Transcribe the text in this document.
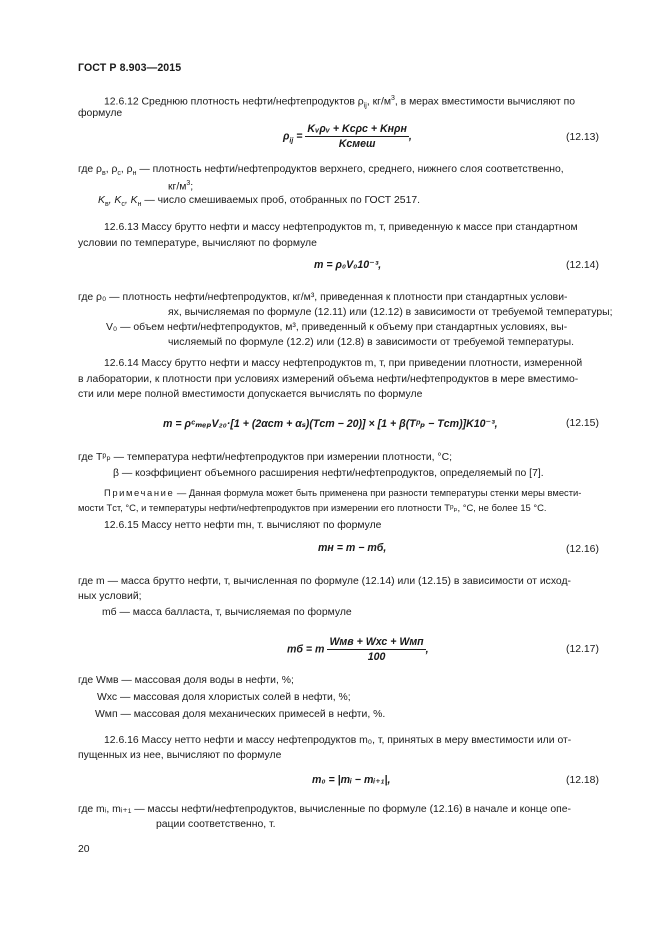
ГОСТ Р 8.903—2015
12.6.12 Среднюю плотность нефти/нефтепродуктов $\rho_{ij}$, $кг/м^3$, в мерах вместимости вычисляют по
формуле
$\rho_{ij} = \frac{\text{Kᵥρᵥ + Kсρс + Kнρн}}{\text{Kсмеш}}$ ,	(12.13)
где $\rho_в$, $\rho_с$, $\rho_н$ — плотность нефти/нефтепродуктов верхнего, среднего, нижнего слоя соответственно,
$кг/м^3$;
$K_в$, $K_с$, $K_н$ — число смешиваемых проб, отобранных по ГОСТ 2517.
12.6.13 Массу брутто нефти и массу нефтепродуктов m, т, приведенную к массе при стандартном
условии по температуре, вычисляют по формуле
m = ρ₀V₀10⁻³,	(12.14)
где ρ₀ — плотность нефти/нефтепродуктов, кг/м³, приведенная к плотности при стандартных услови-
ях, вычисляемая по формуле (12.11) или (12.12) в зависимости от требуемой температуры;
V₀ — объем нефти/нефтепродуктов, м³, приведенный к объему при стандартных условиях, вы-
числяемый по формуле (12.2) или (12.8) в зависимости от требуемой температуры.
12.6.14 Массу брутто нефти и массу нефтепродуктов m, т, при приведении плотности, измеренной
в лаборатории, к плотности при условиях измерений объема нефти/нефтепродуктов в мере вместимо-
сти или мере полной вместимости допускается вычислять по формуле
m = ρᶜₘₑₚV₂₀·[1 + (2αст + αₛ)(Tст − 20)] × [1 + β(Tᵖₚ − Tст)]K10⁻³,	(12.15)
где Tᵖₚ — температура нефти/нефтепродуктов при измерении плотности, °С;
β — коэффициент объемного расширения нефти/нефтепродуктов, определяемый по [7].
Примечание — Данная формула может быть применена при разности температуры стенки меры вмести-
мости Tст, °С, и температуры нефти/нефтепродуктов при измерении его плотности Tᵖₚ, °С, не более 15 °С.
12.6.15 Массу нетто нефти mн, т. вычисляют по формуле
mн = m − mб,	(12.16)
где m — масса брутто нефти, т, вычисленная по формуле (12.14) или (12.15) в зависимости от исход-
ных условий;
mб — масса балласта, т, вычисляемая по формуле
mб = m $\frac{\text{Wмв + Wхс + Wмп}}{100}$ ,	(12.17)
где Wмв — массовая доля воды в нефти, %;
Wхс — массовая доля хлористых солей в нефти, %;
Wмп — массовая доля механических примесей в нефти, %.
12.6.16 Массу нетто нефти и массу нефтепродуктов m₀, т, принятых в меру вместимости или от-
пущенных из нее, вычисляют по формуле
m₀ = |mᵢ − mᵢ₊₁|,	(12.18)
где mᵢ, mᵢ₊₁ — массы нефти/нефтепродуктов, вычисленные по формуле (12.16) в начале и конце опе-
рации соответственно, т.
20
